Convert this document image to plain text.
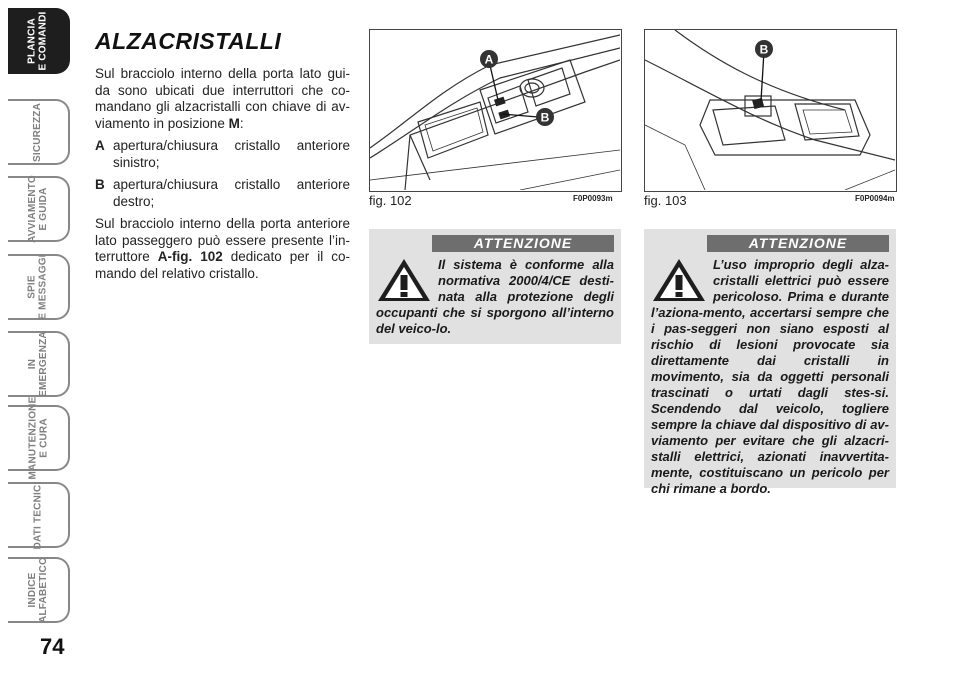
PLANCIA
E COMANDI
SICUREZZA
AVVIAMENTO
E GUIDA
SPIE
E MESSAGGI
IN
EMERGENZA
MANUTENZIONE
E CURA
DATI TECNICI
INDICE
ALFABETICO
74
ALZACRISTALLI

Sul bracciolo interno della porta lato gui-da sono ubicati due interruttori che co-mandano gli alzacristalli con chiave di av-viamento in posizione M:

A apertura/chiusura cristallo anteriore sinistro;
B apertura/chiusura cristallo anteriore destro;

Sul bracciolo interno della porta anteriore lato passeggero può essere presente l’in-terruttore A-fig. 102 dedicato per il co-mando del relativo cristallo.

A
B
fig. 102	F0P0093m
B
fig. 103	F0P0094m
ATTENZIONE
Il sistema è conforme alla normativa 2000/4/CE desti-nata alla protezione degli occupanti che si sporgono all’interno del veico-lo.
ATTENZIONE
L’uso improprio degli alza-cristalli elettrici può essere pericoloso. Prima e durante l’aziona-mento, accertarsi sempre che i pas-seggeri non siano esposti al rischio di lesioni provocate sia direttamente dai cristalli in movimento, sia da oggetti personali trascinati o urtati dagli stes-si. Scendendo dal veicolo, togliere sempre la chiave dal dispositivo di av-viamento per evitare che gli alzacri-stalli elettrici, azionati inavvertita-mente, costituiscano un pericolo per chi rimane a bordo.
